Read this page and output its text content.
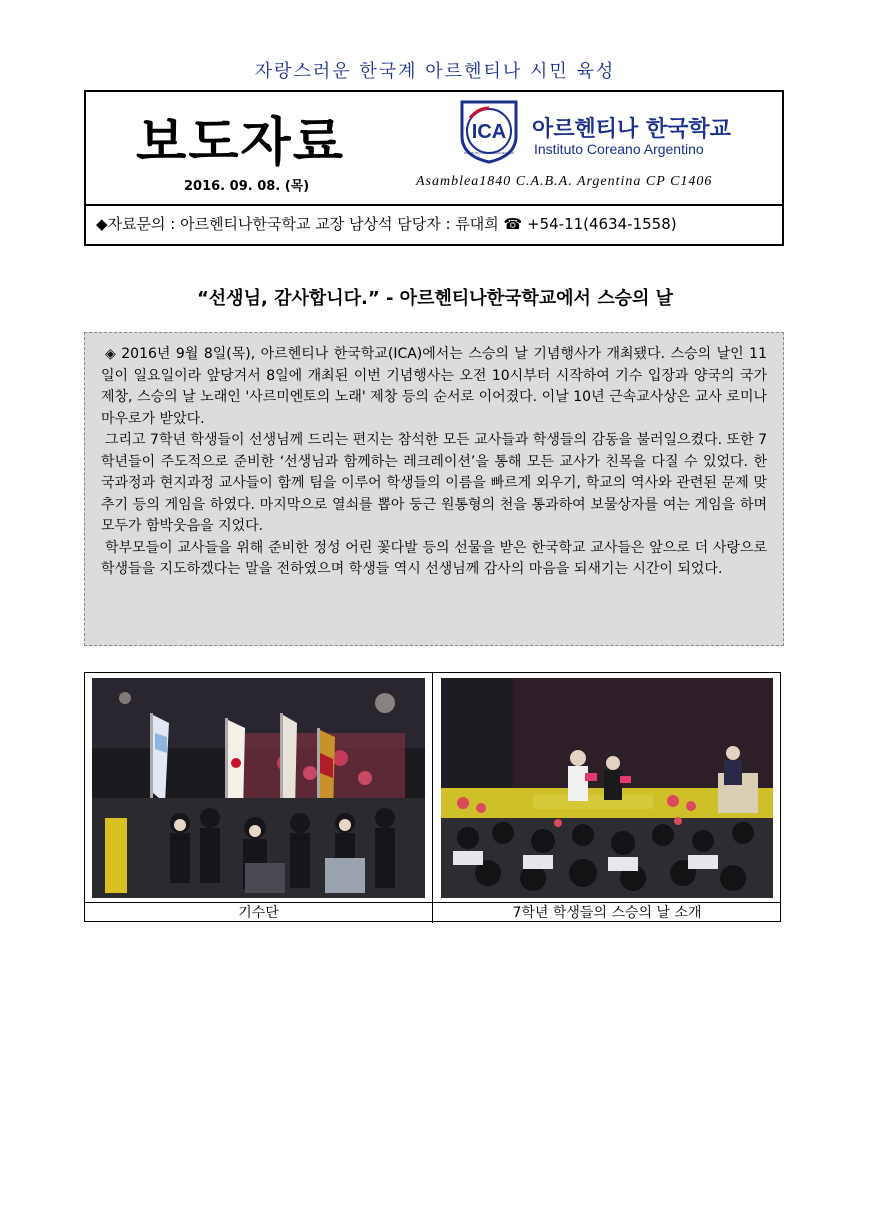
자랑스러운 한국계 아르헨티나 시민 육성
보도자료
2016. 09. 08. (목)
ICA
INSTITUTO COREANO ARGENTINO
아르헨티나 한국학교
Instituto Coreano Argentino
Asamblea1840 C.A.B.A. Argentina CP C1406
◆자료문의 : 아르헨티나한국학교 교장 남상석 담당자 : 류대희 ☎ +54-11(4634-1558)
“선생님, 감사합니다.” - 아르헨티나한국학교에서 스승의 날

◈ 2016년 9월 8일(목), 아르헨티나 한국학교(ICA)에서는 스승의 날 기념행사가 개최됐다. 스승의 날인 11일이 일요일이라 앞당겨서 8일에 개최된 이번 기념행사는 오전 10시부터 시작하여 기수 입장과 양국의 국가 제창, 스승의 날 노래인 '사르미엔토의 노래' 제창 등의 순서로 이어졌다. 이날 10년 근속교사상은 교사 로미나 마우로가 받았다.

그리고 7학년 학생들이 선생님께 드리는 편지는 참석한 모든 교사들과 학생들의 감동을 불러일으켰다. 또한 7학년들이 주도적으로 준비한 ‘선생님과 함께하는 레크레이션’을 통해 모든 교사가 친목을 다질 수 있었다. 한국과정과 현지과정 교사들이 함께 팀을 이루어 학생들의 이름을 빠르게 외우기, 학교의 역사와 관련된 문제 맞추기 등의 게임을 하였다. 마지막으로 열쇠를 뽑아 둥근 원통형의 천을 통과하여 보물상자를 여는 게임을 하며 모두가 함박웃음을 지었다.

학부모들이 교사들을 위해 준비한 정성 어린 꽃다발 등의 선물을 받은 한국학교 교사들은 앞으로 더 사랑으로 학생들을 지도하겠다는 말을 전하였으며 학생들 역시 선생님께 감사의 마음을 되새기는 시간이 되었다.

기수단	7학년 학생들의 스승의 날 소개
